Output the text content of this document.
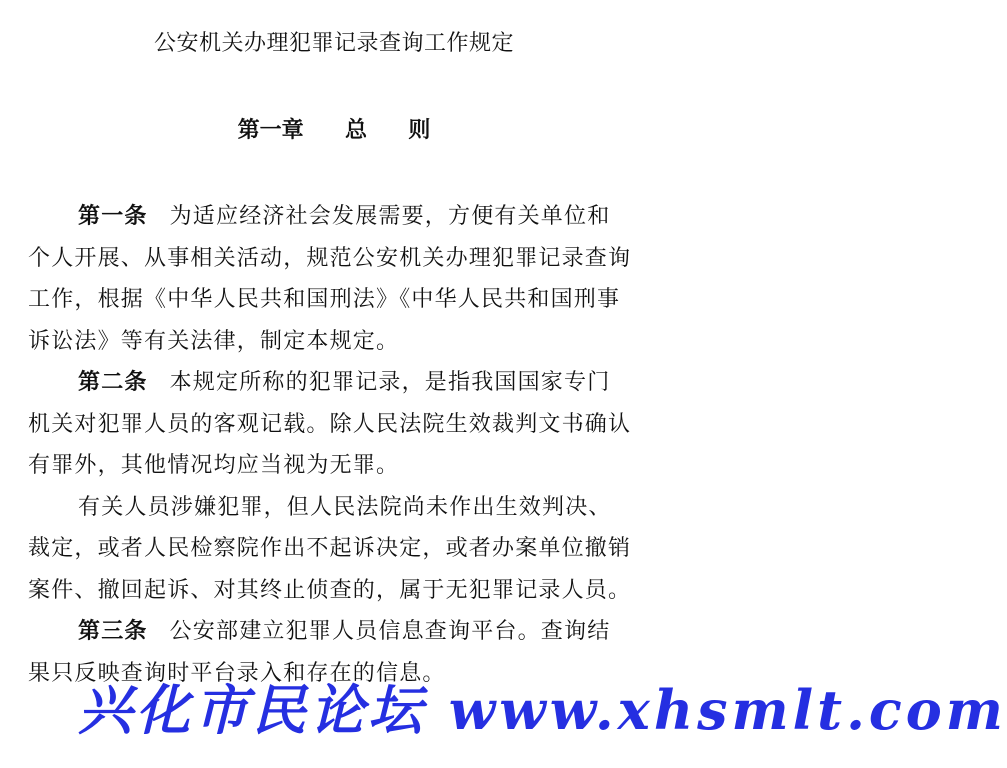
公安机关办理犯罪记录查询工作规定
第一章 总 则

第一条 为适应经济社会发展需要，方便有关单位和个人开展、从事相关活动，规范公安机关办理犯罪记录查询工作，根据《中华人民共和国刑法》《中华人民共和国刑事诉讼法》等有关法律，制定本规定。

第二条 本规定所称的犯罪记录，是指我国国家专门机关对犯罪人员的客观记载。除人民法院生效裁判文书确认有罪外，其他情况均应当视为无罪。

有关人员涉嫌犯罪，但人民法院尚未作出生效判决、裁定，或者人民检察院作出不起诉决定，或者办案单位撤销案件、撤回起诉、对其终止侦查的，属于无犯罪记录人员。

第三条 公安部建立犯罪人员信息查询平台。查询结果只反映查询时平台录入和存在的信息。

兴化市民论坛 www.xhsmlt.com
